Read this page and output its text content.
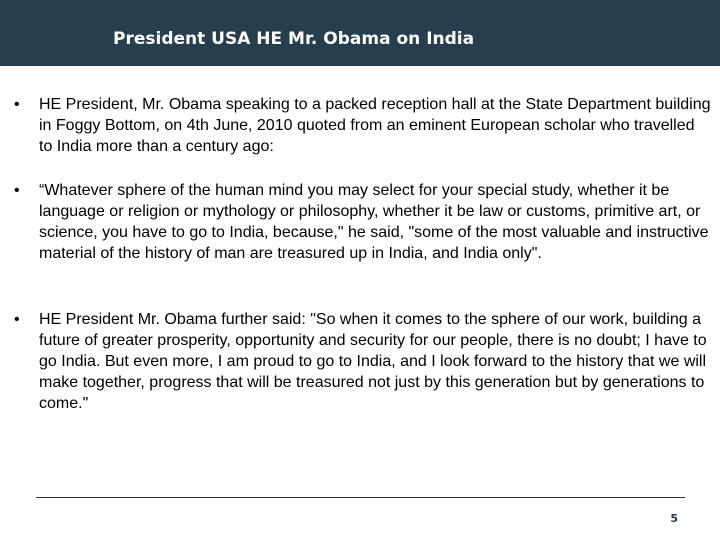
President USA HE Mr. Obama on India
• HE President, Mr. Obama speaking to a packed reception hall at the State Department building in Foggy Bottom, on 4th June, 2010 quoted from an eminent European scholar who travelled to India more than a century ago:
• “Whatever sphere of the human mind you may select for your special study, whether it be language or religion or mythology or philosophy, whether it be law or customs, primitive art, or science, you have to go to India, because," he said, "some of the most valuable and instructive material of the history of man are treasured up in India, and India only".
• HE President Mr. Obama further said: "So when it comes to the sphere of our work, building a future of greater prosperity, opportunity and security for our people, there is no doubt; I have to go India. But even more, I am proud to go to India, and I look forward to the history that we will make together, progress that will be treasured not just by this generation but by generations to come."
5
